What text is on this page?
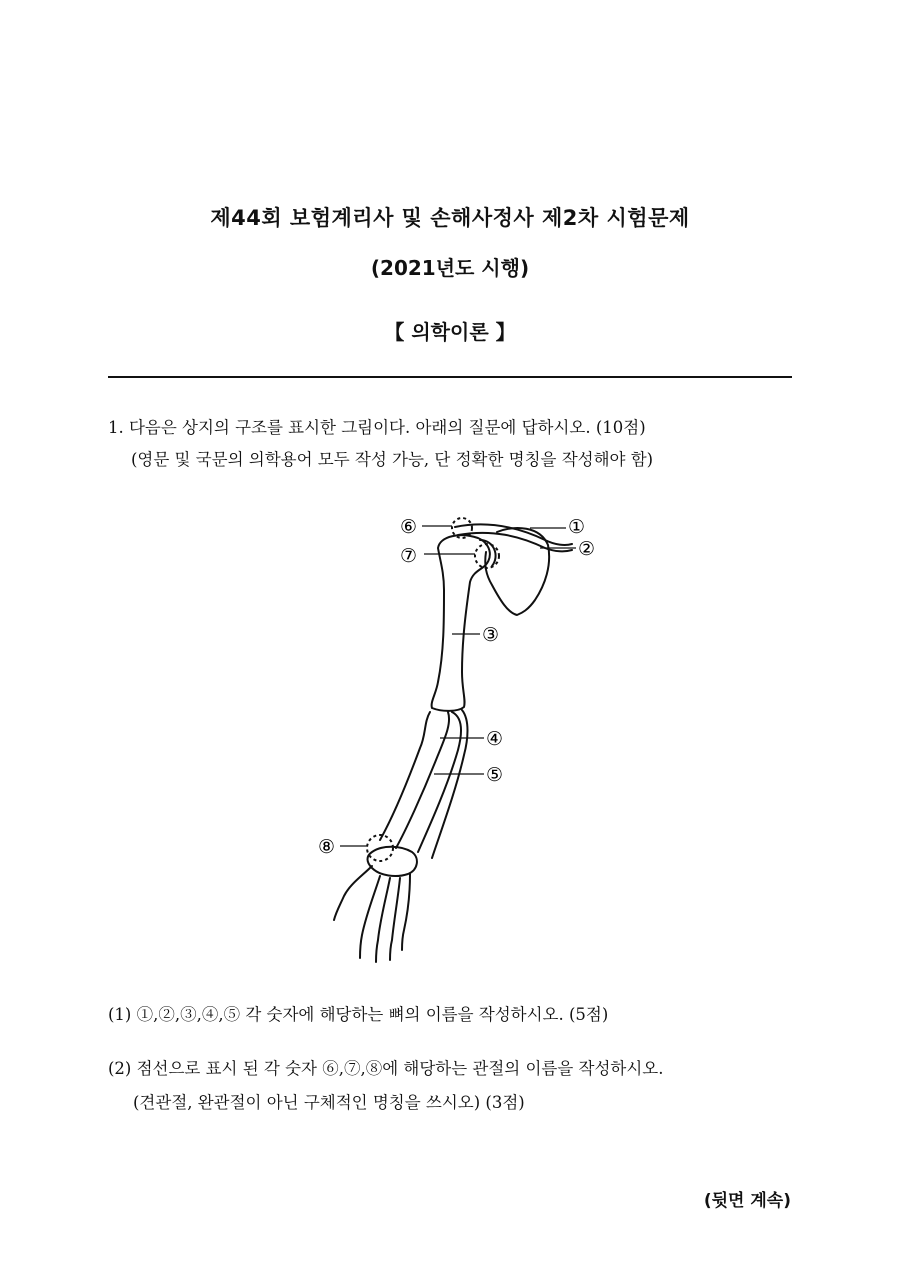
제44회 보험계리사 및 손해사정사 제2차 시험문제
(2021년도 시행)
【 의학이론 】
1. 다음은 상지의 구조를 표시한 그림이다. 아래의 질문에 답하시오. (10점)
(영문 및 국문의 의학용어 모두 작성 가능, 단 정확한 명칭을 작성해야 함)
⑥
⑦
①
②
③
④
⑤
⑧
(1) ①,②,③,④,⑤ 각 숫자에 해당하는 뼈의 이름을 작성하시오. (5점)
(2) 점선으로 표시 된 각 숫자 ⑥,⑦,⑧에 해당하는 관절의 이름을 작성하시오.
(견관절, 완관절이 아닌 구체적인 명칭을 쓰시오) (3점)
(뒷면 계속)
